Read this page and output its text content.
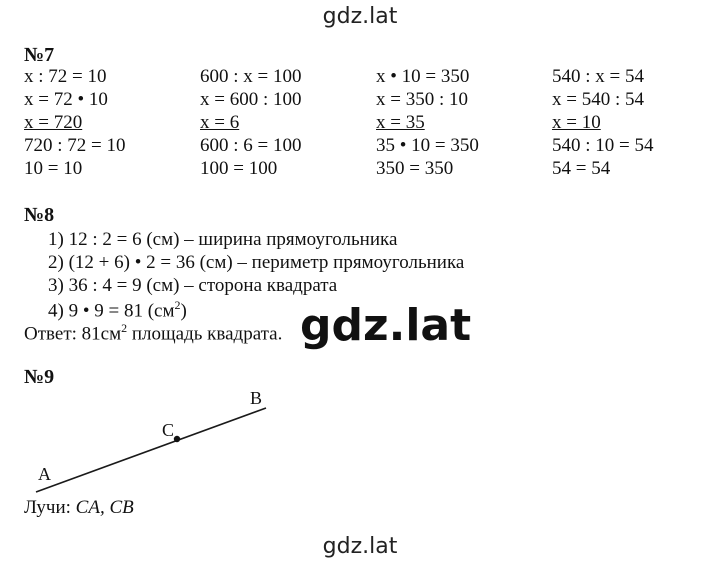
gdz.lat
№7
x : 72 = 10
x = 72 • 10
x = 720
720 : 72 = 10
10 = 10
600 : x = 100
x = 600 : 100
x = 6
600 : 6 = 100
100 = 100
x • 10 = 350
x = 350 : 10
x = 35
35 • 10 = 350
350 = 350
540 : x = 54
x = 540 : 54
x = 10
540 : 10 = 54
54 = 54
№8
1) 12 : 2 = 6 (см) – ширина прямоугольника
2) (12 + 6) • 2 = 36 (см) – периметр прямоугольника
3) 36 : 4 = 9 (см) – сторона квадрата
4) 9 • 9 = 81 $(см^2)$
Ответ: $81см^2$ площадь квадрата. gdz.lat
№9
A
B
C
Лучи: CA, CB
gdz.lat
